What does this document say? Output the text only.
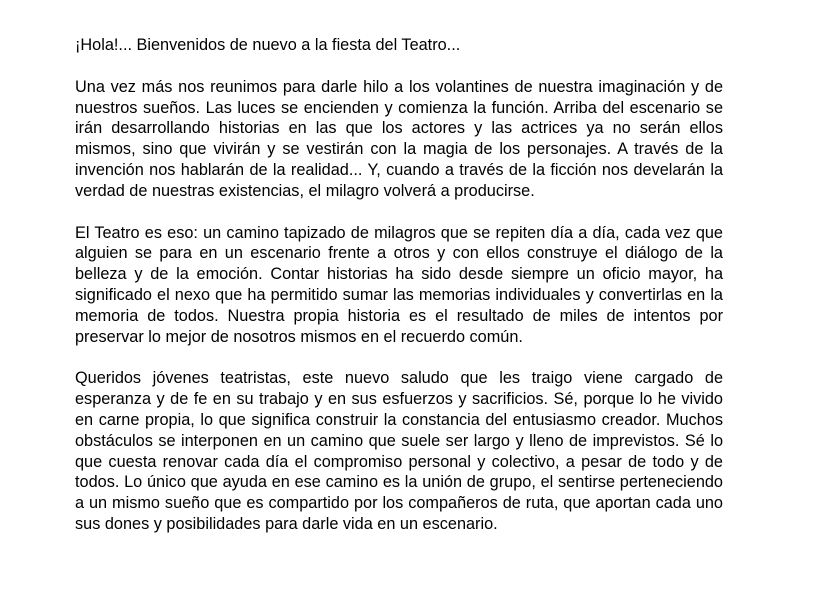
¡Hola!... Bienvenidos de nuevo a la fiesta del Teatro...

Una vez más nos reunimos para darle hilo a los volantines de nuestra imaginación y de nuestros sueños. Las luces se encienden y comienza la función. Arriba del escenario se irán desarrollando historias en las que los actores y las actrices ya no serán ellos mismos, sino que vivirán y se vestirán con la magia de los personajes. A través de la invención nos hablarán de la realidad... Y, cuando a través de la ficción nos develarán la verdad de nuestras existencias, el milagro volverá a producirse.

El Teatro es eso: un camino tapizado de milagros que se repiten día a día, cada vez que alguien se para en un escenario frente a otros y con ellos construye el diálogo de la belleza y de la emoción. Contar historias ha sido desde siempre un oficio mayor, ha significado el nexo que ha permitido sumar las memorias individuales y convertirlas en la memoria de todos. Nuestra propia historia es el resultado de miles de intentos por preservar lo mejor de nosotros mismos en el recuerdo común.

Queridos jóvenes teatristas, este nuevo saludo que les traigo viene cargado de esperanza y de fe en su trabajo y en sus esfuerzos y sacrificios. Sé, porque lo he vivido en carne propia, lo que significa construir la constancia del entusiasmo creador. Muchos obstáculos se interponen en un camino que suele ser largo y lleno de imprevistos. Sé lo que cuesta renovar cada día el compromiso personal y colectivo, a pesar de todo y de todos. Lo único que ayuda en ese camino es la unión de grupo, el sentirse perteneciendo a un mismo sueño que es compartido por los compañeros de ruta, que aportan cada uno sus dones y posibilidades para darle vida en un escenario.
